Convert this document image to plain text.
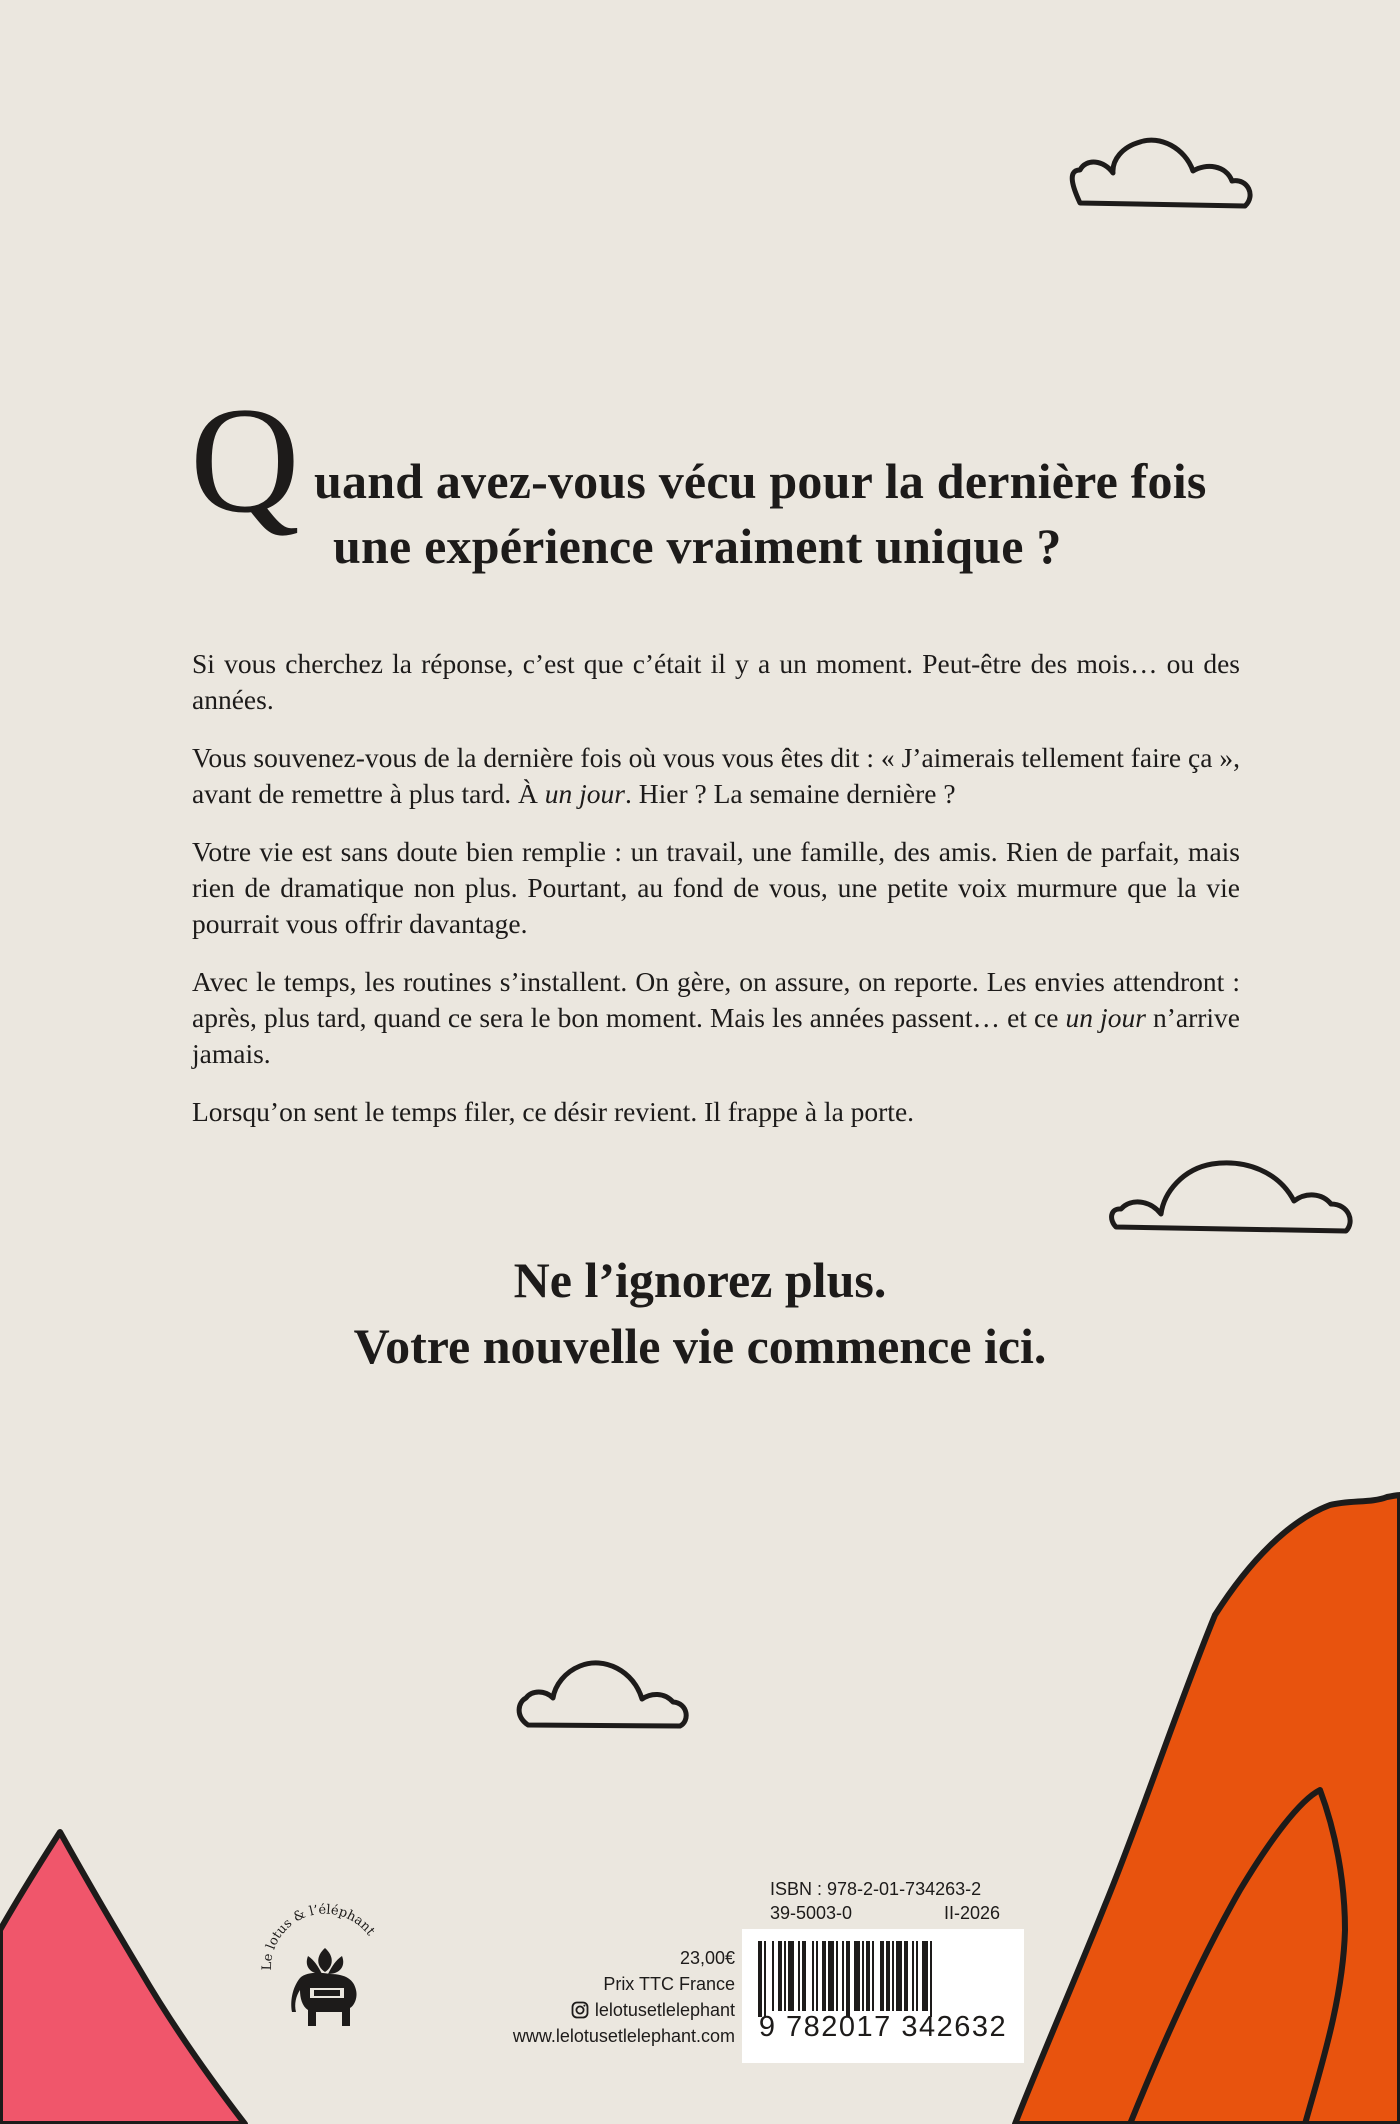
Q uand avez-vous vécu pour la dernière fois
une expérience vraiment unique ?

Si vous cherchez la réponse, c’est que c’était il y a un moment. Peut-être des mois… ou des années.

Vous souvenez-vous de la dernière fois où vous vous êtes dit : « J’aimerais tellement faire ça », avant de remettre à plus tard. À un jour. Hier ? La semaine dernière ?

Votre vie est sans doute bien remplie : un travail, une famille, des amis. Rien de parfait, mais rien de dramatique non plus. Pourtant, au fond de vous, une petite voix murmure que la vie pourrait vous offrir davantage.

Avec le temps, les routines s’installent. On gère, on assure, on reporte. Les envies attendront : après, plus tard, quand ce sera le bon moment. Mais les années passent… et ce un jour n’arrive jamais.

Lorsqu’on sent le temps filer, ce désir revient. Il frappe à la porte.

Ne l’ignorez plus.
Votre nouvelle vie commence ici.
Le lotus & l’éléphant
23,00€
Prix TTC France
lelotusetlelephant
www.lelotusetlelephant.com
ISBN : 978-2-01-734263-2
39-5003-0	II-2026
9 782017 342632
